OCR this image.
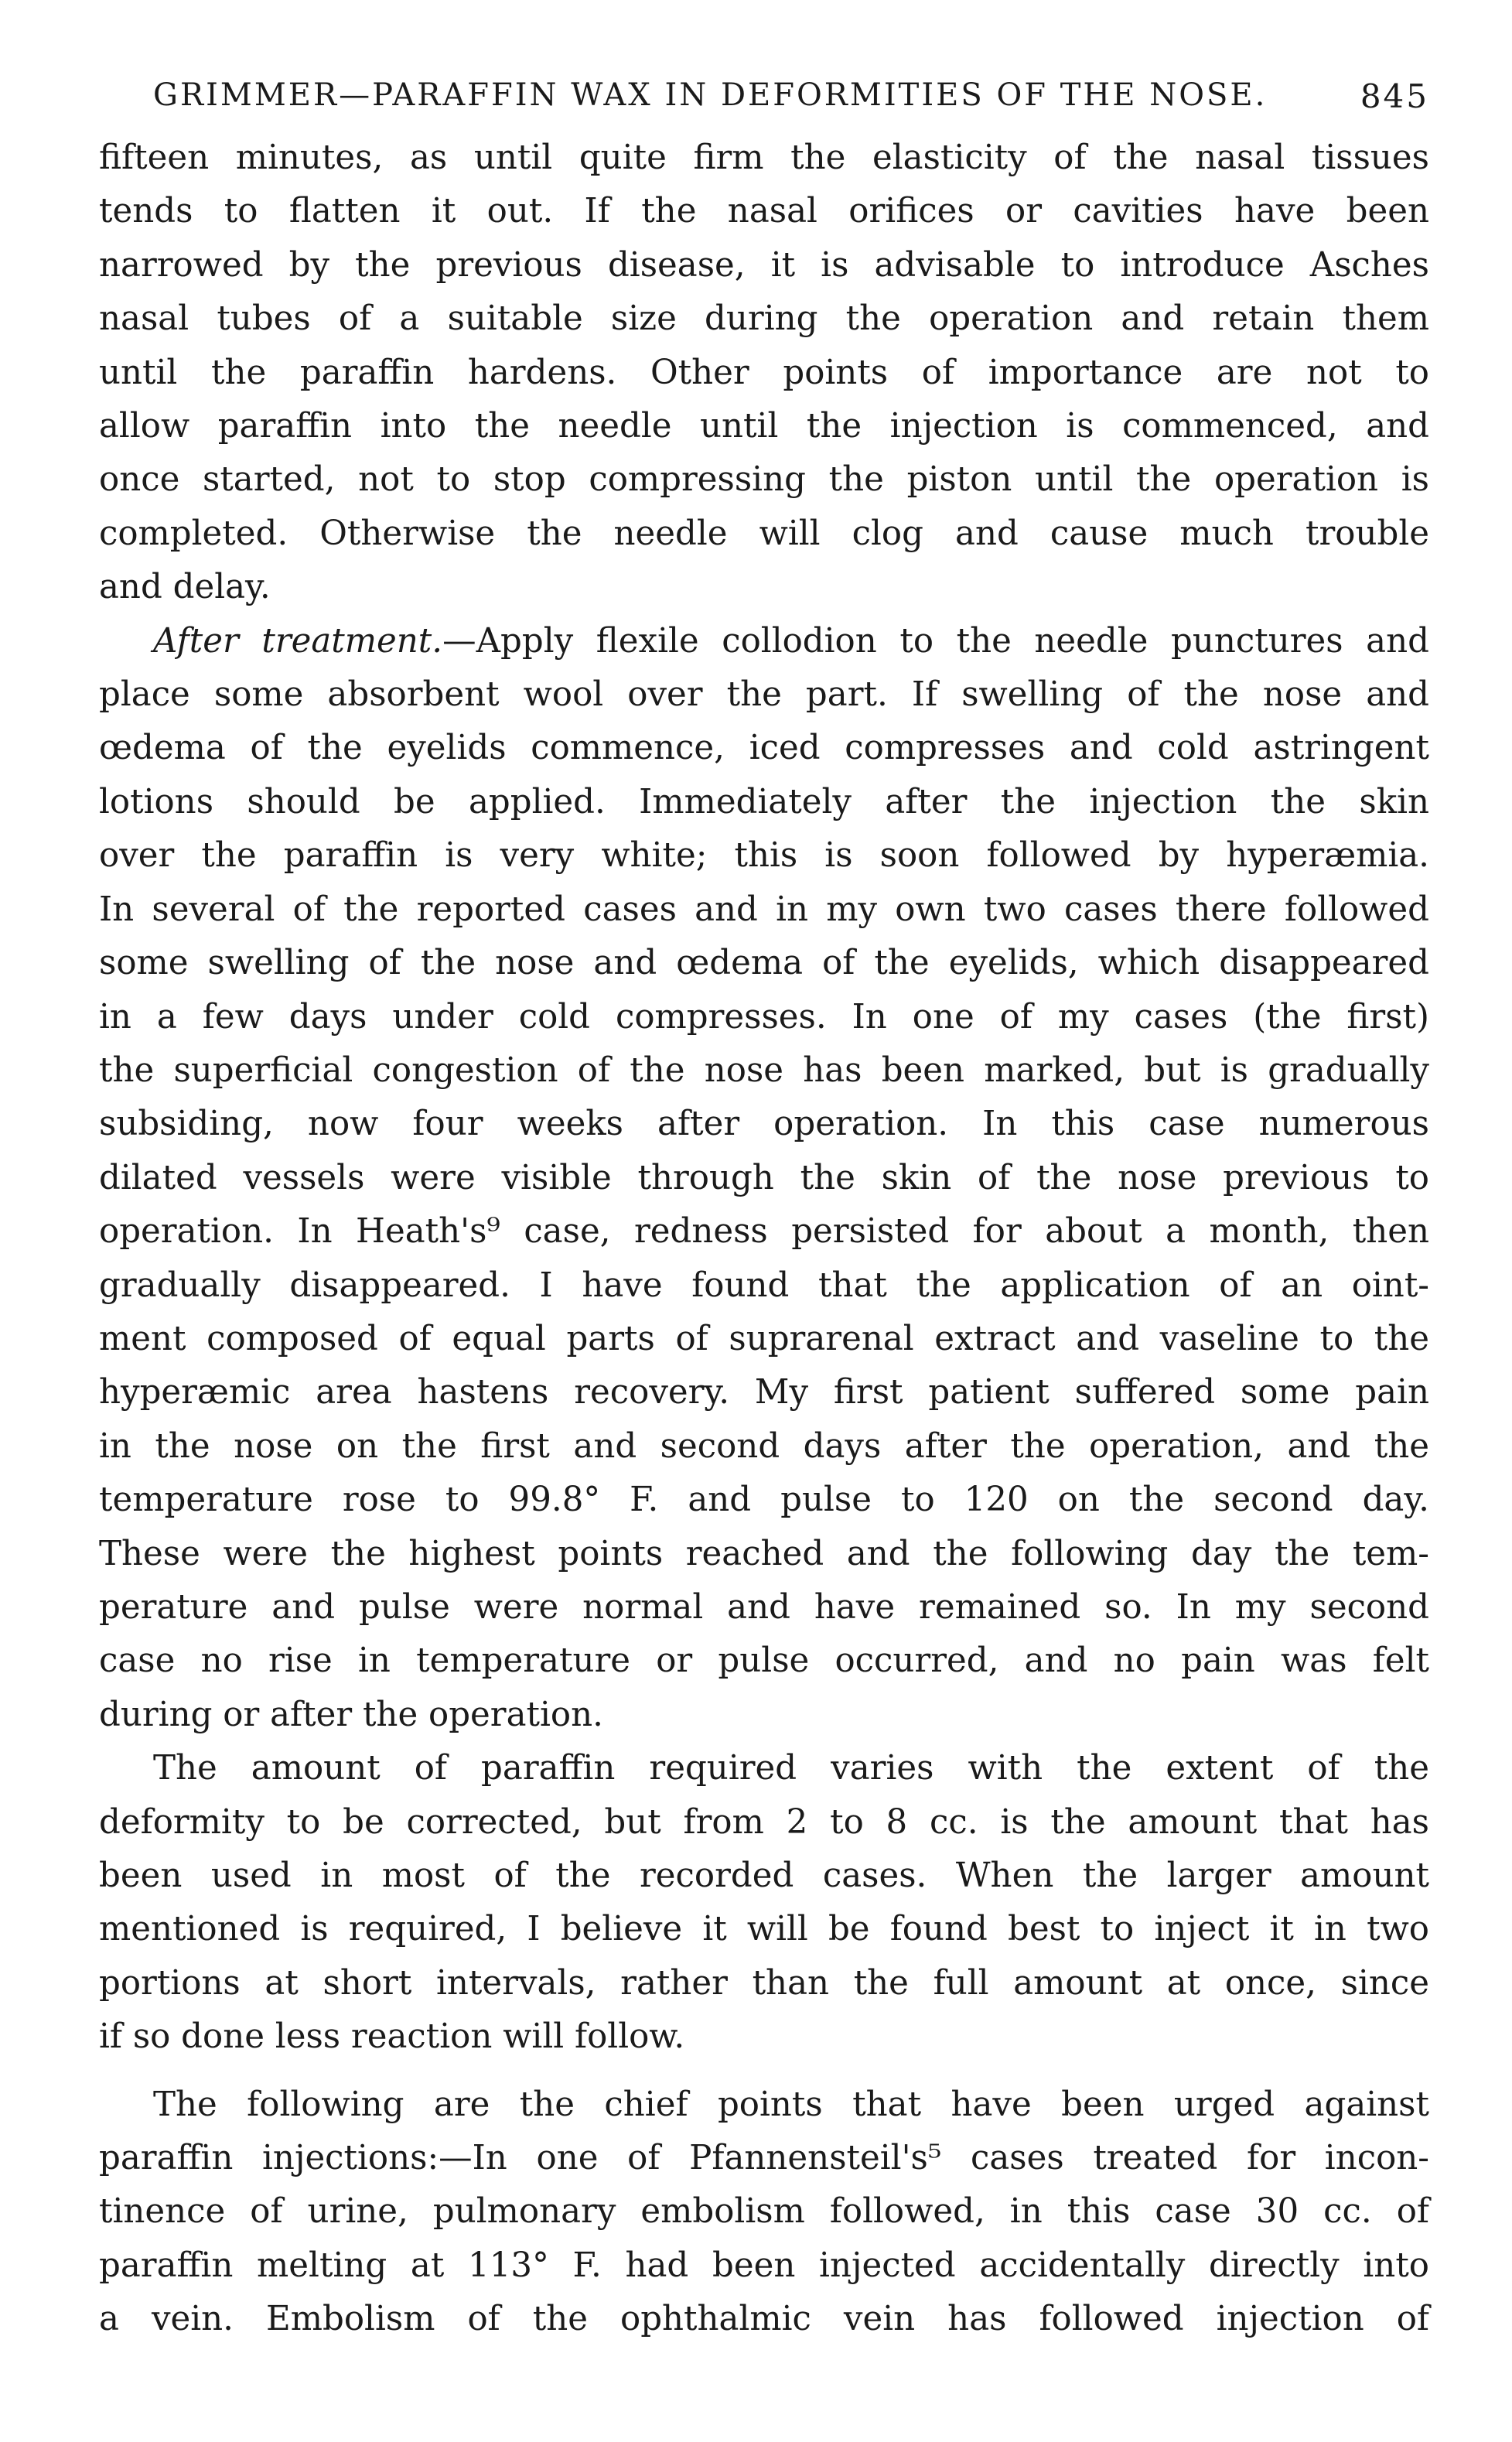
GRIMMER—PARAFFIN WAX IN DEFORMITIES OF THE NOSE.	845
fifteen minutes, as until quite firm the elasticity of the nasal tissues
tends to flatten it out. If the nasal orifices or cavities have been
narrowed by the previous disease, it is advisable to introduce Asches
nasal tubes of a suitable size during the operation and retain them
until the paraffin hardens. Other points of importance are not to
allow paraffin into the needle until the injection is commenced, and
once started, not to stop compressing the piston until the operation is
completed. Otherwise the needle will clog and cause much trouble
and delay.
After treatment.—Apply flexile collodion to the needle punctures and
place some absorbent wool over the part. If swelling of the nose and
œdema of the eyelids commence, iced compresses and cold astringent
lotions should be applied. Immediately after the injection the skin
over the paraffin is very white; this is soon followed by hyperæmia.
In several of the reported cases and in my own two cases there followed
some swelling of the nose and œdema of the eyelids, which disappeared
in a few days under cold compresses. In one of my cases (the first)
the superficial congestion of the nose has been marked, but is gradually
subsiding, now four weeks after operation. In this case numerous
dilated vessels were visible through the skin of the nose previous to
operation. In Heath's⁹ case, redness persisted for about a month, then
gradually disappeared. I have found that the application of an oint-
ment composed of equal parts of suprarenal extract and vaseline to the
hyperæmic area hastens recovery. My first patient suffered some pain
in the nose on the first and second days after the operation, and the
temperature rose to 99.8° F. and pulse to 120 on the second day.
These were the highest points reached and the following day the tem-
perature and pulse were normal and have remained so. In my second
case no rise in temperature or pulse occurred, and no pain was felt
during or after the operation.
The amount of paraffin required varies with the extent of the
deformity to be corrected, but from 2 to 8 cc. is the amount that has
been used in most of the recorded cases. When the larger amount
mentioned is required, I believe it will be found best to inject it in two
portions at short intervals, rather than the full amount at once, since
if so done less reaction will follow.
The following are the chief points that have been urged against
paraffin injections:—In one of Pfannenstеil's⁵ cases treated for incon-
tinence of urine, pulmonary embolism followed, in this case 30 cc. of
paraffin melting at 113° F. had been injected accidentally directly into
a vein. Embolism of the ophthalmic vein has followed injection of
